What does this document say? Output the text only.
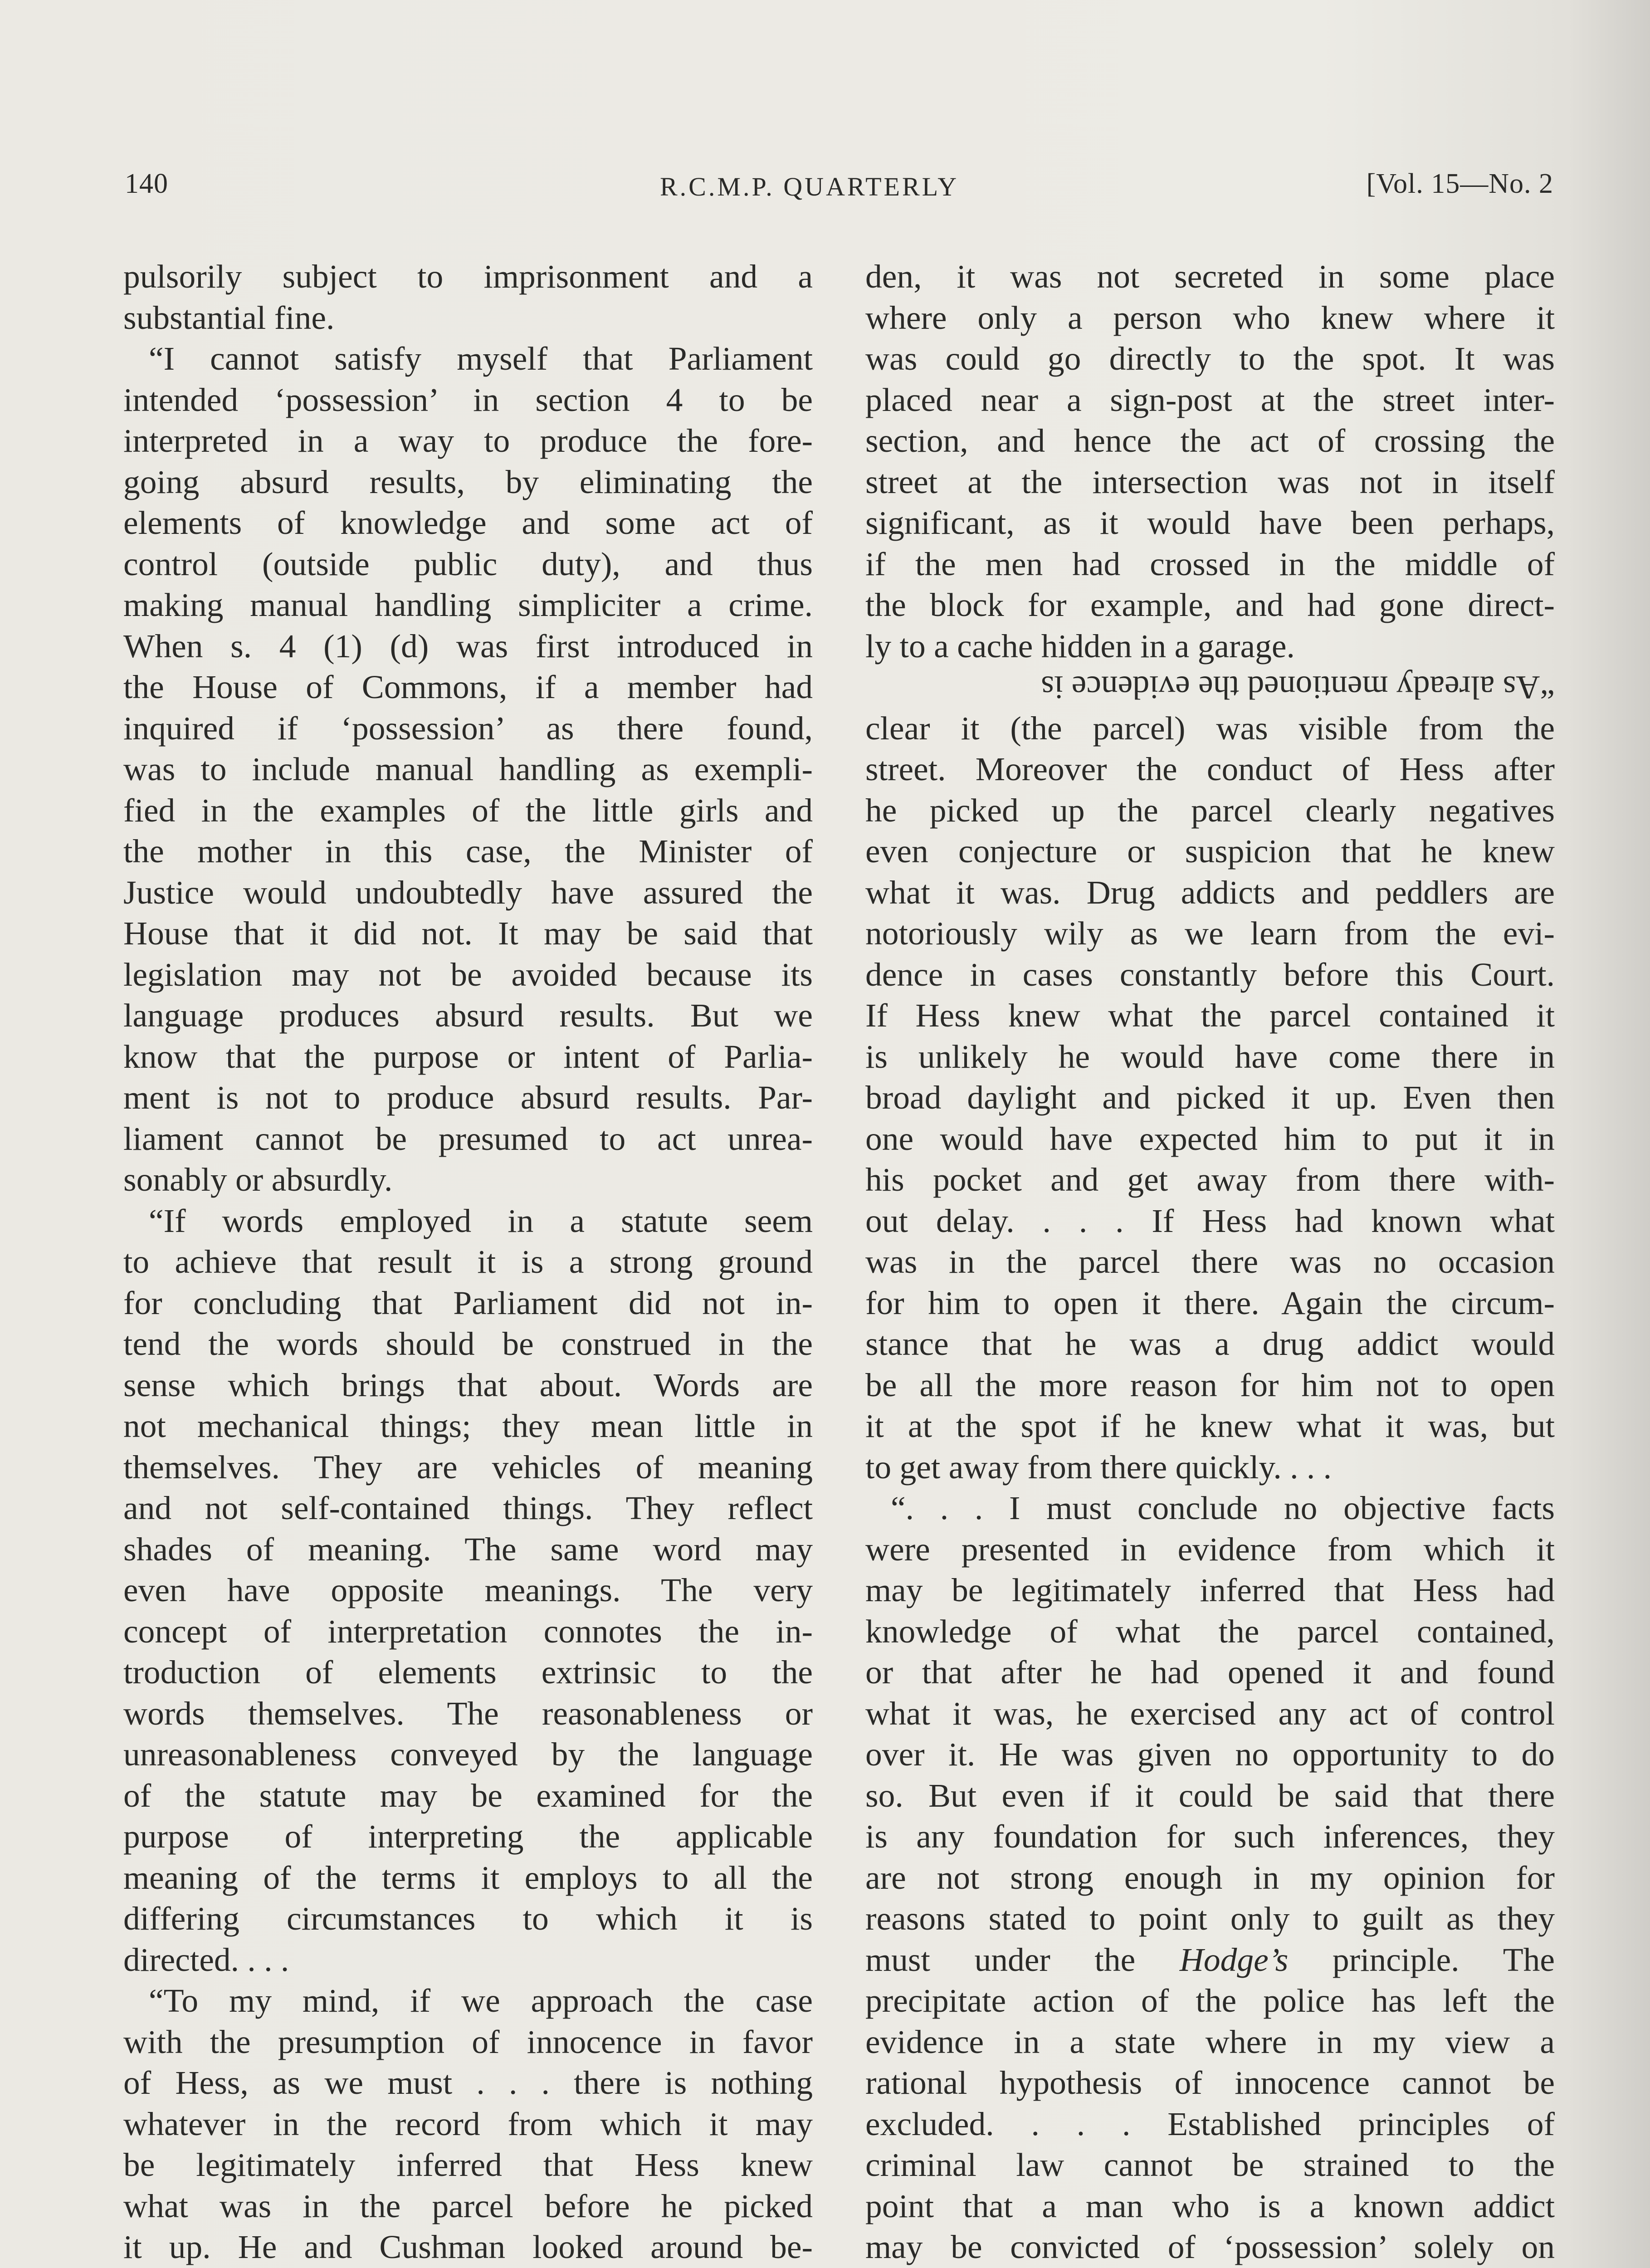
140	R.C.M.P. QUARTERLY	[Vol. 15—No. 2
pulsorily subject to imprisonment and a
substantial fine.
“I cannot satisfy myself that Parliament
intended ‘possession’ in section 4 to be
interpreted in a way to produce the fore-
going absurd results, by eliminating the
elements of knowledge and some act of
control (outside public duty), and thus
making manual handling simpliciter a crime.
When s. 4 (1) (d) was first introduced in
the House of Commons, if a member had
inquired if ‘possession’ as there found,
was to include manual handling as exempli-
fied in the examples of the little girls and
the mother in this case, the Minister of
Justice would undoubtedly have assured the
House that it did not. It may be said that
legislation may not be avoided because its
language produces absurd results. But we
know that the purpose or intent of Parlia-
ment is not to produce absurd results. Par-
liament cannot be presumed to act unrea-
sonably or absurdly.
“If words employed in a statute seem
to achieve that result it is a strong ground
for concluding that Parliament did not in-
tend the words should be construed in the
sense which brings that about. Words are
not mechanical things; they mean little in
themselves. They are vehicles of meaning
and not self-contained things. They reflect
shades of meaning. The same word may
even have opposite meanings. The very
concept of interpretation connotes the in-
troduction of elements extrinsic to the
words themselves. The reasonableness or
unreasonableness conveyed by the language
of the statute may be examined for the
purpose of interpreting the applicable
meaning of the terms it employs to all the
differing circumstances to which it is
directed. . . .
“To my mind, if we approach the case
with the presumption of innocence in favor
of Hess, as we must . . . there is nothing
whatever in the record from which it may
be legitimately inferred that Hess knew
what was in the parcel before he picked
it up. He and Cushman looked around be-
den, it was not secreted in some place
where only a person who knew where it
was could go directly to the spot. It was
placed near a sign-post at the street inter-
section, and hence the act of crossing the
street at the intersection was not in itself
significant, as it would have been perhaps,
if the men had crossed in the middle of
the block for example, and had gone direct-
ly to a cache hidden in a garage.
“As already mentioned the evidence is
clear it (the parcel) was visible from the
street. Moreover the conduct of Hess after
he picked up the parcel clearly negatives
even conjecture or suspicion that he knew
what it was. Drug addicts and peddlers are
notoriously wily as we learn from the evi-
dence in cases constantly before this Court.
If Hess knew what the parcel contained it
is unlikely he would have come there in
broad daylight and picked it up. Even then
one would have expected him to put it in
his pocket and get away from there with-
out delay. . . . If Hess had known what
was in the parcel there was no occasion
for him to open it there. Again the circum-
stance that he was a drug addict would
be all the more reason for him not to open
it at the spot if he knew what it was, but
to get away from there quickly. . . .
“. . . I must conclude no objective facts
were presented in evidence from which it
may be legitimately inferred that Hess had
knowledge of what the parcel contained,
or that after he had opened it and found
what it was, he exercised any act of control
over it. He was given no opportunity to do
so. But even if it could be said that there
is any foundation for such inferences, they
are not strong enough in my opinion for
reasons stated to point only to guilt as they
must under the Hodge’s principle. The
precipitate action of the police has left the
evidence in a state where in my view a
rational hypothesis of innocence cannot be
excluded. . . . Established principles of
criminal law cannot be strained to the
point that a man who is a known addict
may be convicted of ‘possession’ solely on
